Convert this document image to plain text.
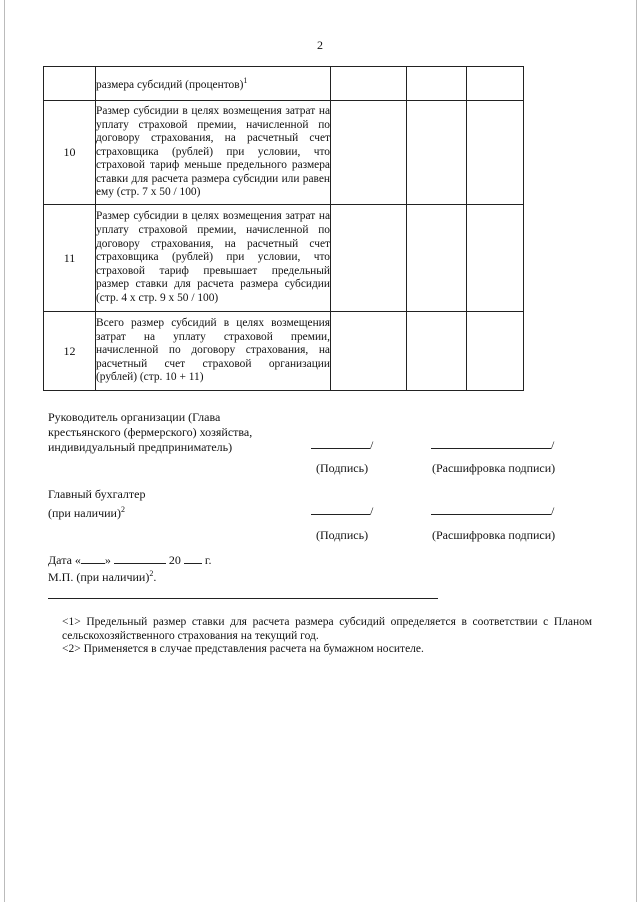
2
	размера субсидий (процентов)$^1$			
10	Размер субсидии в целях возмещения затрат на уплату страховой премии, начисленной по договору страхования, на расчетный счет страховщика (рублей) при условии, что страховой тариф меньше предельного размера ставки для расчета размера субсидии или равен ему (стр. 7 x 50 / 100)			
11	Размер субсидии в целях возмещения затрат на уплату страховой премии, начисленной по договору страхования, на расчетный счет страховщика (рублей) при условии, что страховой тариф превышает предельный размер ставки для расчета размера субсидии (стр. 4 x стр. 9 x 50 / 100)			
12	Всего размер субсидий в целях возмещения затрат на уплату страховой премии, начисленной по договору страхования, на расчетный счет страховой организации (рублей) (стр. 10 + 11)			
Руководитель организации (Глава
крестьянского (фермерского) хозяйства,
индивидуальный предприниматель)	/	/
(Подпись)	(Расшифровка подписи)
Главный бухгалтер
(при наличии)$^2$	/	/
(Подпись)	(Расшифровка подписи)
Дата « »	20 г.
М.П. (при наличии)$^2$.
<1> Предельный размер ставки для расчета размера субсидий определяется в соответствии с Планом сельскохозяйственного страхования на текущий год.
<2> Применяется в случае представления расчета на бумажном носителе.
